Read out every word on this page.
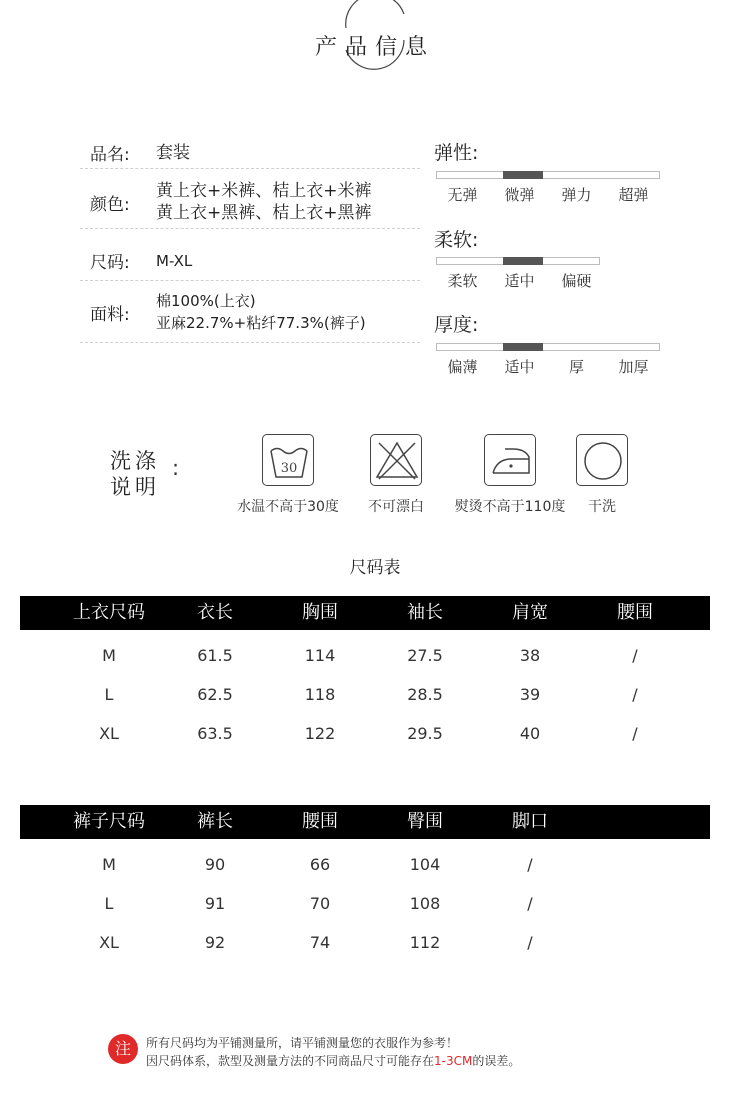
产品信息
品名:	套装
颜色:
黄上衣+米裤、桔上衣+米裤
黄上衣+黑裤、桔上衣+黑裤
尺码:	M-XL
面料:
棉100%(上衣)
亚麻22.7%+粘纤77.3%(裤子)
弹性:
无弹	微弹	弹力	超弹
柔软:
柔软	适中	偏硬
厚度:
偏薄	适中	厚	加厚
洗涤
说明
:	30
水温不高于30度	不可漂白	熨烫不高于110度	干洗
尺码表
上衣尺码	衣长	胸围	袖长	肩宽	腰围
M	61.5	114	27.5	38	/
L	62.5	118	28.5	39	/
XL	63.5	122	29.5	40	/
裤子尺码	裤长	腰围	臀围	脚口
M	90	66	104	/
L	91	70	108	/
XL	92	74	112	/
注	所有尺码均为平铺测量所，请平铺测量您的衣服作为参考！
因尺码体系，款型及测量方法的不同商品尺寸可能存在1-3CM的误差。
